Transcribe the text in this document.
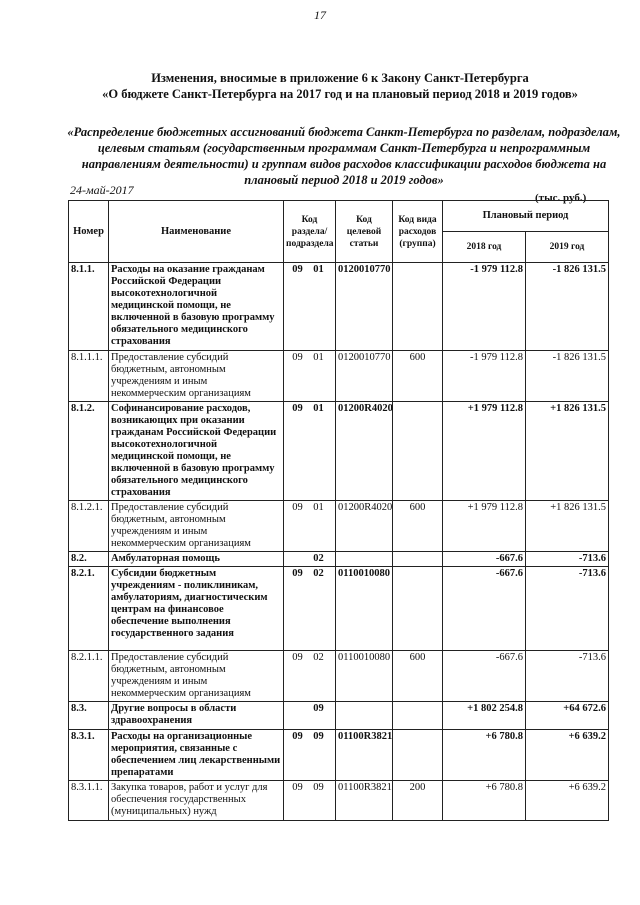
17
Изменения, вносимые в приложение 6 к Закону Санкт-Петербурга
«О бюджете Санкт-Петербурга на 2017 год и на плановый период 2018 и 2019 годов»
«Распределение бюджетных ассигнований бюджета Санкт-Петербурга по разделам, подразделам, целевым статьям (государственным программам Санкт-Петербурга и непрограммным направлениям деятельности) и группам видов расходов классификации расходов бюджета на плановый период 2018 и 2019 годов»
24-май-2017
(тыс. руб.)
Номер	Наименование	Код раздела/ подраздела	Код целевой статьи	Код вида расходов (группа)	Плановый период	
					2018 год	2019 год
8.1.1.	Расходы на оказание гражданам Российской Федерации высокотехнологичной медицинской помощи, не включенной в базовую программу обязательного медицинского страхования	09 01	0120010770		-1 979 112.8	-1 826 131.5
8.1.1.1.	Предоставление субсидий бюджетным, автономным учреждениям и иным некоммерческим организациям	09 01	0120010770	600	-1 979 112.8	-1 826 131.5
8.1.2.	Софинансирование расходов, возникающих при оказании гражданам Российской Федерации высокотехнологичной медицинской помощи, не включенной в базовую программу обязательного медицинского страхования	09 01	01200R4020		+1 979 112.8	+1 826 131.5
8.1.2.1.	Предоставление субсидий бюджетным, автономным учреждениям и иным некоммерческим организациям	09 01	01200R4020	600	+1 979 112.8	+1 826 131.5
8.2.	Амбулаторная помощь	02			-667.6	-713.6
8.2.1.	Субсидии бюджетным учреждениям - поликлиникам, амбулаториям, диагностическим центрам на финансовое обеспечение выполнения государственного задания	09 02	0110010080		-667.6	-713.6
8.2.1.1.	Предоставление субсидий бюджетным, автономным учреждениям и иным некоммерческим организациям	09 02	0110010080	600	-667.6	-713.6
8.3.	Другие вопросы в области здравоохранения	09			+1 802 254.8	+64 672.6
8.3.1.	Расходы на организационные мероприятия, связанные с обеспечением лиц лекарственными препаратами	09 09	01100R3821		+6 780.8	+6 639.2
8.3.1.1.	Закупка товаров, работ и услуг для обеспечения государственных (муниципальных) нужд	09 09	01100R3821	200	+6 780.8	+6 639.2
